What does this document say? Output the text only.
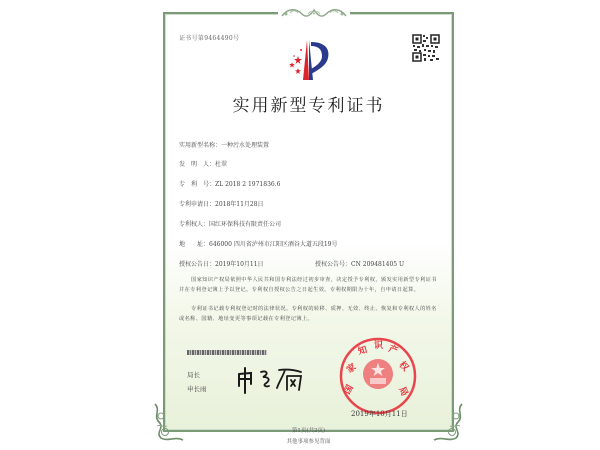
证书号第9464490号
实用新型专利证书
实用新型名称：一种污水处理装置
发　明　人：杜翠
专　利　号：ZL 2018 2 1971836.6
专利申请日：2018年11月28日
专利权人：国红环保科技有限责任公司
地　　址：646000 四川省泸州市江阳区酒谷大道五段19号
授权公告日：2019年10月11日	授权公告号：CN 209481405 U
国家知识产权局依照中华人民共和国专利法经过初步审查，决定授予专利权，颁发实用新型专利证书并在专利登记簿上予以登记。专利权自授权公告之日起生效。专利权期限为十年，自申请日起算。
专利证书记载专利权登记时的法律状况。专利权的转移、质押、无效、终止、恢复和专利权人的姓名或名称、国籍、地址变更等事项记载在专利登记簿上。
局长
申长雨	国
家
知 识 产
权
局
2019年10月11日
第1页(共2页)
其他事项参见背面
